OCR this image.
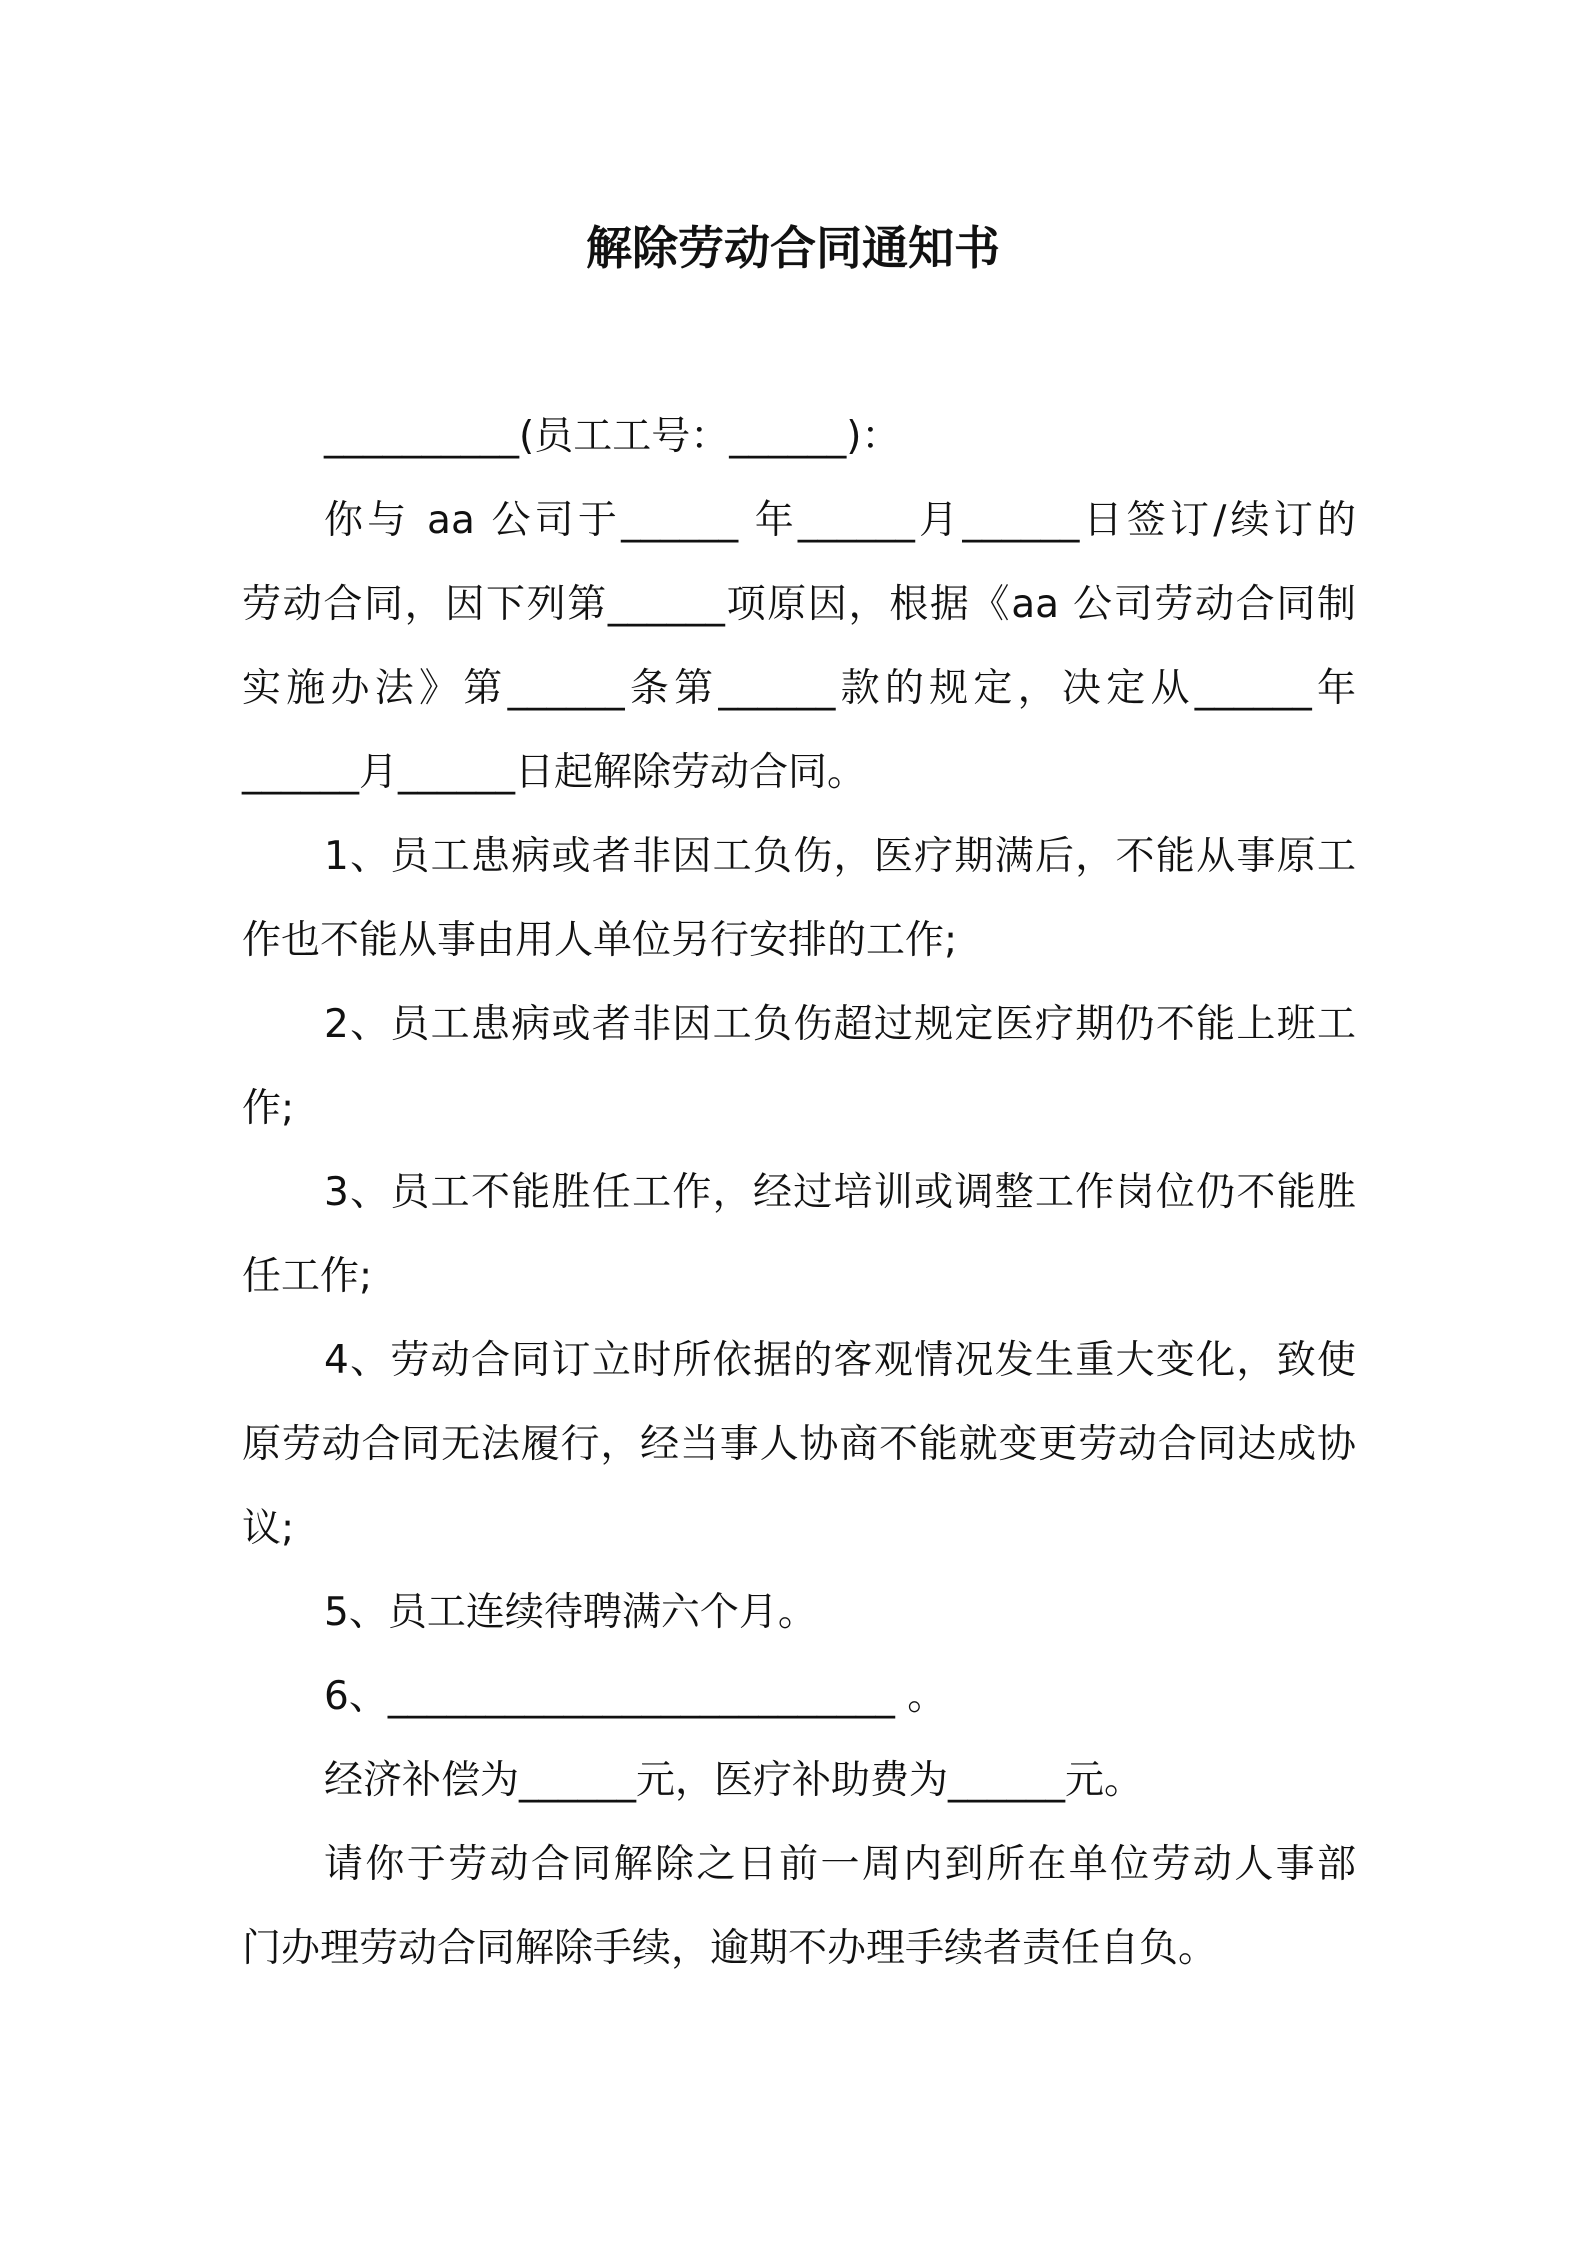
解除劳动合同通知书
__________(员工工号：______)：
你与 aa 公司于______ 年______月______日签订/续订的
劳动合同，因下列第______项原因，根据《aa 公司劳动合同制
实施办法》第______条第______款的规定，决定从______年
______月______日起解除劳动合同。
1、员工患病或者非因工负伤，医疗期满后，不能从事原工
作也不能从事由用人单位另行安排的工作;
2、员工患病或者非因工负伤超过规定医疗期仍不能上班工
作;
3、员工不能胜任工作，经过培训或调整工作岗位仍不能胜
任工作;
4、劳动合同订立时所依据的客观情况发生重大变化，致使
原劳动合同无法履行，经当事人协商不能就变更劳动合同达成协
议;
5、员工连续待聘满六个月。
6、__________________________ 。
经济补偿为______元，医疗补助费为______元。
请你于劳动合同解除之日前一周内到所在单位劳动人事部
门办理劳动合同解除手续，逾期不办理手续者责任自负。
